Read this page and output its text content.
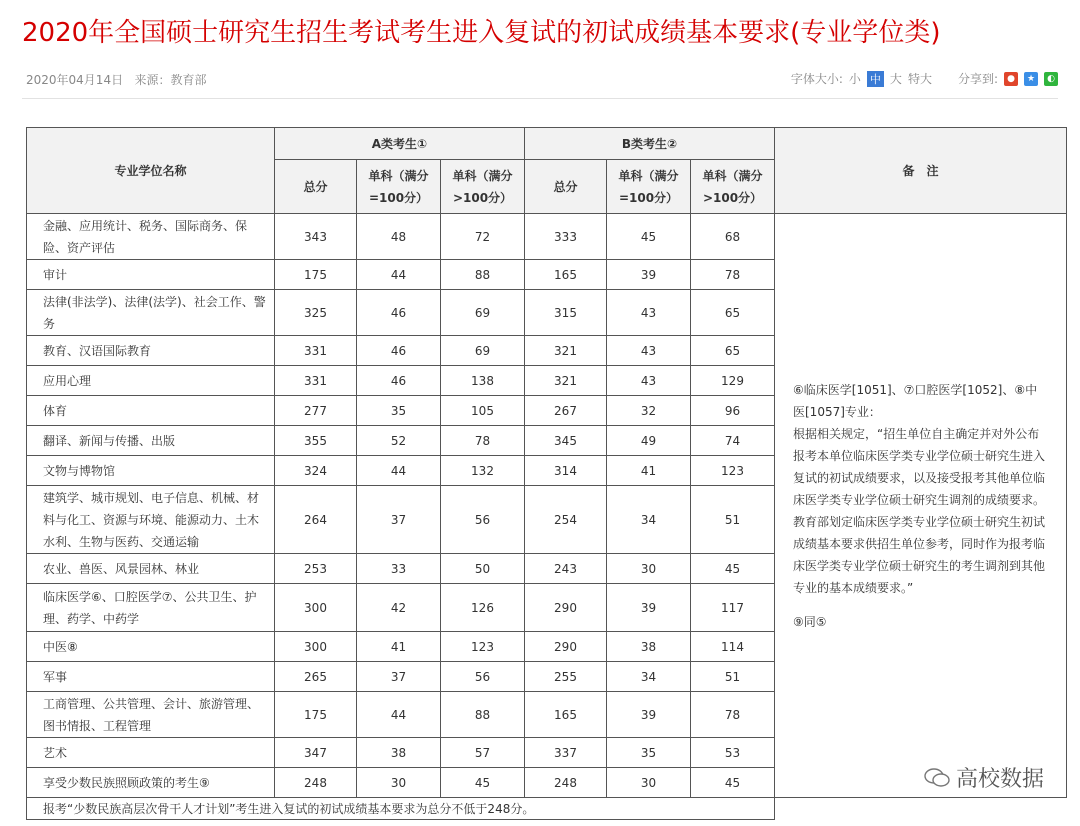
2020年全国硕士研究生招生考试考生进入复试的初试成绩基本要求(专业学位类)
2020年04月14日 来源：教育部	字体大小: 小 中 大 特大 分享到:	●	★	◐
专业学位名称	A类考生①			B类考生②			备　注
	总分	单科（满分=100分）	单科（满分>100分）	总分	单科（满分=100分）	单科（满分>100分）	
金融、应用统计、税务、国际商务、保险、资产评估	343	48	72	333	45	68	⑥临床医学[1051]、⑦口腔医学[1052]、⑧中医[1057]专业：
根据相关规定，“招生单位自主确定并对外公布报考本单位临床医学类专业学位硕士研究生进入复试的初试成绩要求，以及接受报考其他单位临床医学类专业学位硕士研究生调剂的成绩要求。教育部划定临床医学类专业学位硕士研究生初试成绩基本要求供招生单位参考，同时作为报考临床医学类专业学位硕士研究生的考生调剂到其他专业的基本成绩要求。”
⑨同⑤

审计	175	44	88	165	39	78	
法律(非法学)、法律(法学)、社会工作、警务	325	46	69	315	43	65	
教育、汉语国际教育	331	46	69	321	43	65	
应用心理	331	46	138	321	43	129	
体育	277	35	105	267	32	96	
翻译、新闻与传播、出版	355	52	78	345	49	74	
文物与博物馆	324	44	132	314	41	123	
建筑学、城市规划、电子信息、机械、材料与化工、资源与环境、能源动力、土木水利、生物与医药、交通运输	264	37	56	254	34	51	
农业、兽医、风景园林、林业	253	33	50	243	30	45	
临床医学⑥、口腔医学⑦、公共卫生、护理、药学、中药学	300	42	126	290	39	117	
中医⑧	300	41	123	290	38	114	
军事	265	37	56	255	34	51	
工商管理、公共管理、会计、旅游管理、图书情报、工程管理	175	44	88	165	39	78	
艺术	347	38	57	337	35	53	
享受少数民族照顾政策的考生⑨	248	30	45	248	30	45	
报考“少数民族高层次骨干人才计划”考生进入复试的初试成绩基本要求为总分不低于248分。							
高校数据
